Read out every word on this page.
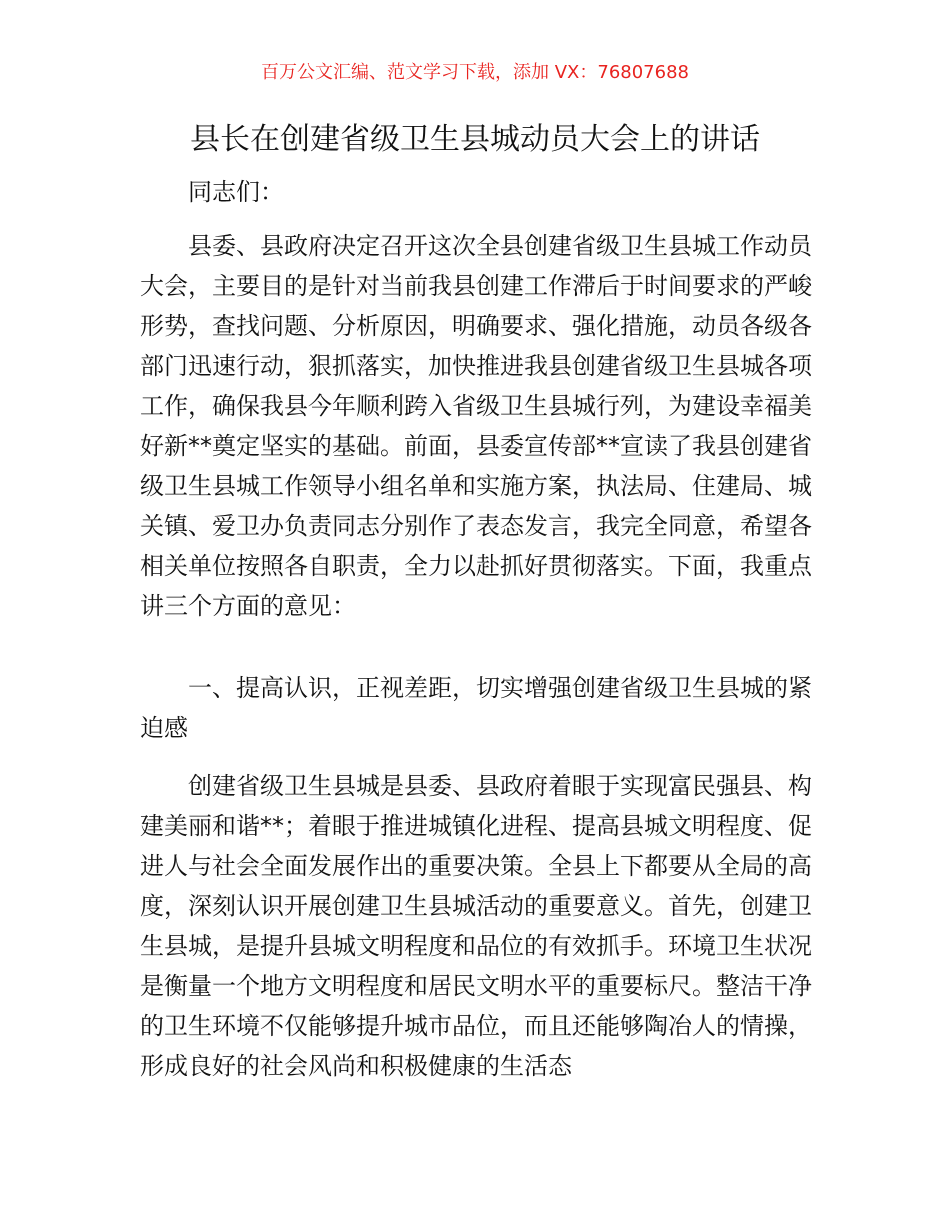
百万公文汇编、范文学习下载，添加 VX：76807688
县长在创建省级卫生县城动员大会上的讲话

同志们：

县委、县政府决定召开这次全县创建省级卫生县城工作动员大会，主要目的是针对当前我县创建工作滞后于时间要求的严峻形势，查找问题、分析原因，明确要求、强化措施，动员各级各部门迅速行动，狠抓落实，加快推进我县创建省级卫生县城各项工作，确保我县今年顺利跨入省级卫生县城行列，为建设幸福美好新**奠定坚实的基础。前面，县委宣传部**宣读了我县创建省级卫生县城工作领导小组名单和实施方案，执法局、住建局、城关镇、爱卫办负责同志分别作了表态发言，我完全同意，希望各相关单位按照各自职责，全力以赴抓好贯彻落实。下面，我重点讲三个方面的意见：

一、提高认识，正视差距，切实增强创建省级卫生县城的紧迫感

创建省级卫生县城是县委、县政府着眼于实现富民强县、构建美丽和谐**；着眼于推进城镇化进程、提高县城文明程度、促进人与社会全面发展作出的重要决策。全县上下都要从全局的高度，深刻认识开展创建卫生县城活动的重要意义。首先，创建卫生县城，是提升县城文明程度和品位的有效抓手。环境卫生状况是衡量一个地方文明程度和居民文明水平的重要标尺。整洁干净的卫生环境不仅能够提升城市品位，而且还能够陶冶人的情操，形成良好的社会风尚和积极健康的生活态
